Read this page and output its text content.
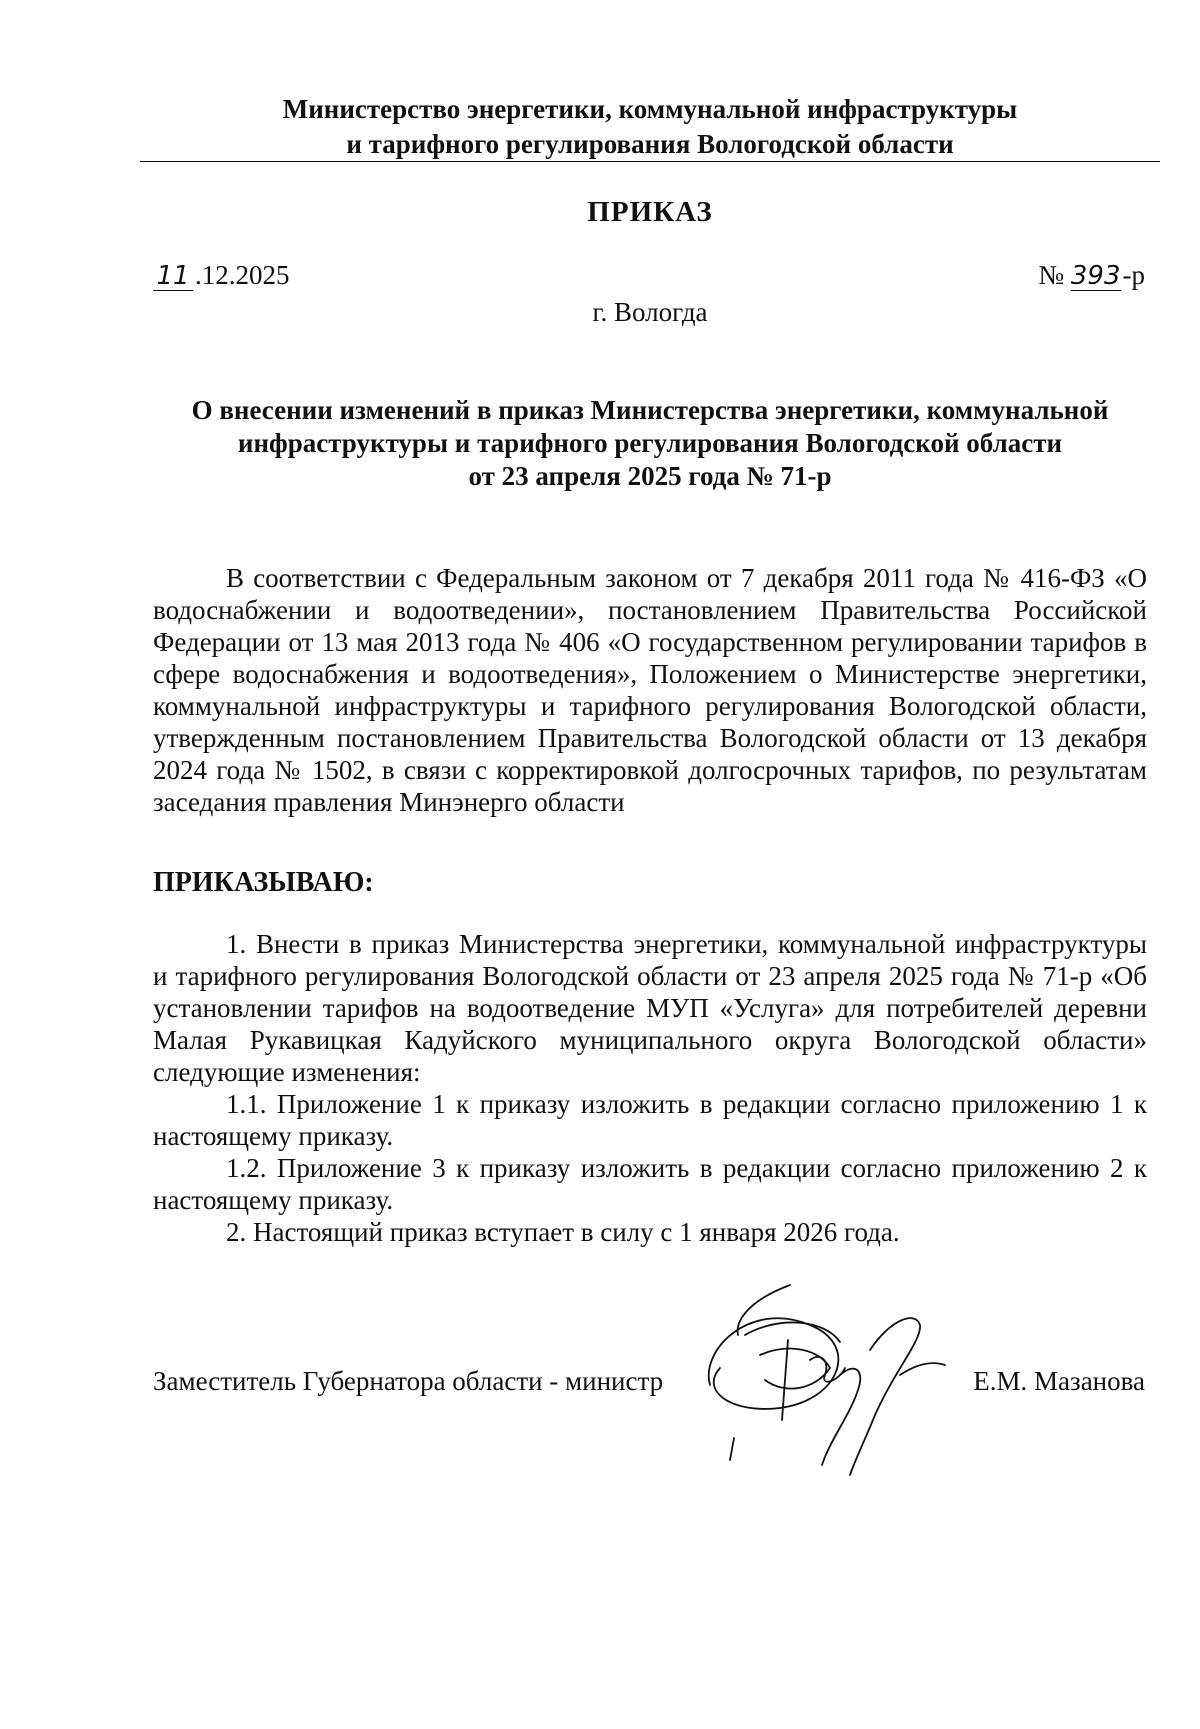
Министерство энергетики, коммунальной инфраструктуры
и тарифного регулирования Вологодской области
ПРИКАЗ
11 .12.2025	№ 393-р
г. Вологда
О внесении изменений в приказ Министерства энергетики, коммунальной
инфраструктуры и тарифного регулирования Вологодской области
от 23 апреля 2025 года № 71-р

В соответствии с Федеральным законом от 7 декабря 2011 года № 416-ФЗ «О водоснабжении и водоотведении», постановлением Правительства Российской Федерации от 13 мая 2013 года № 406 «О государственном регулировании тарифов в сфере водоснабжения и водоотведения», Положением о Министерстве энергетики, коммунальной инфраструктуры и тарифного регулирования Вологодской области, утвержденным постановлением Правительства Вологодской области от 13 декабря 2024 года № 1502, в связи с корректировкой долгосрочных тарифов, по результатам заседания правления Минэнерго области

ПРИКАЗЫВАЮ:

1. Внести в приказ Министерства энергетики, коммунальной инфраструктуры и тарифного регулирования Вологодской области от 23 апреля 2025 года № 71-р «Об установлении тарифов на водоотведение МУП «Услуга» для потребителей деревни Малая Рукавицкая Кадуйского муниципального округа Вологодской области» следующие изменения:

1.1. Приложение 1 к приказу изложить в редакции согласно приложению 1 к настоящему приказу.

1.2. Приложение 3 к приказу изложить в редакции согласно приложению 2 к настоящему приказу.

2. Настоящий приказ вступает в силу с 1 января 2026 года.

Заместитель Губернатора области - министр	Е.М. Мазанова
